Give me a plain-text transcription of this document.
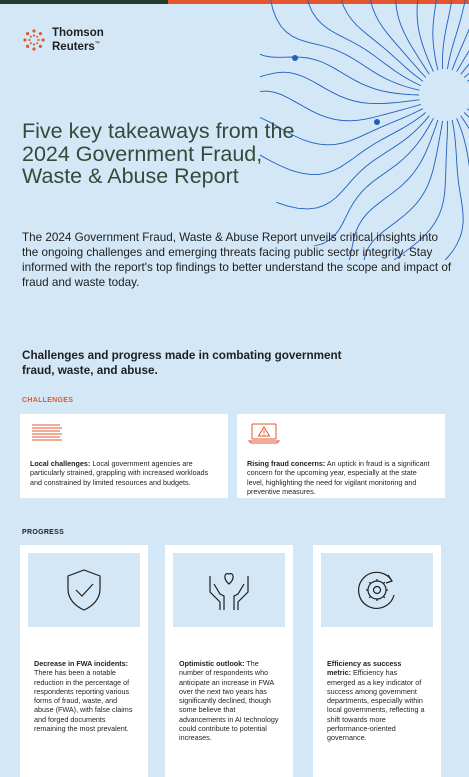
Thomson
Reuters™
Five key takeaways from the 2024 Government Fraud, Waste & Abuse Report

The 2024 Government Fraud, Waste & Abuse Report unveils critical insights into the ongoing challenges and emerging threats facing public sector integrity. Stay informed with the report's top findings to better understand the scope and impact of fraud and waste today.

Challenges and progress made in combating government fraud, waste, and abuse.
CHALLENGES

Local challenges: Local government agencies are particularly strained, grappling with increased workloads and constrained by limited resources and budgets.

Rising fraud concerns: An uptick in fraud is a significant concern for the upcoming year, especially at the state level, highlighting the need for vigilant monitoring and preventive measures.

PROGRESS

Decrease in FWA incidents: There has been a notable reduction in the percentage of respondents reporting various forms of fraud, waste, and abuse (FWA), with false claims and forged documents remaining the most prevalent.

Optimistic outlook: The number of respondents who anticipate an increase in FWA over the next two years has significantly declined, though some believe that advancements in AI technology could contribute to potential increases.

Efficiency as success metric: Efficiency has emerged as a key indicator of success among government departments, especially within local governments, reflecting a shift towards more performance-oriented governance.
